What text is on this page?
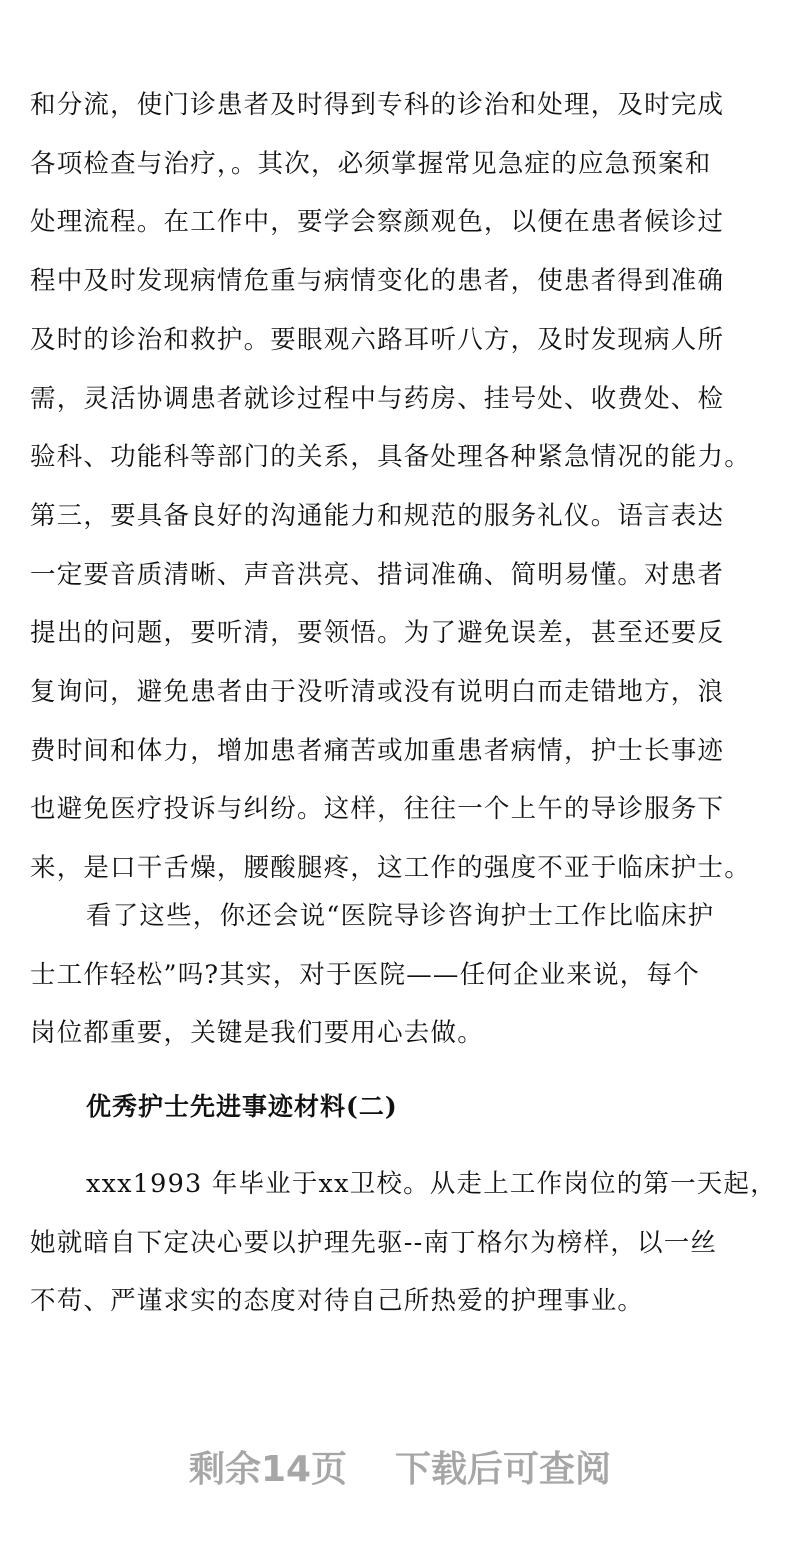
和分流，使门诊患者及时得到专科的诊治和处理，及时完成
各项检查与治疗，。其次，必须掌握常见急症的应急预案和
处理流程。在工作中，要学会察颜观色，以便在患者候诊过
程中及时发现病情危重与病情变化的患者，使患者得到准确
及时的诊治和救护。要眼观六路耳听八方，及时发现病人所
需，灵活协调患者就诊过程中与药房、挂号处、收费处、检
验科、功能科等部门的关系，具备处理各种紧急情况的能力。
第三，要具备良好的沟通能力和规范的服务礼仪。语言表达
一定要音质清晰、声音洪亮、措词准确、简明易懂。对患者
提出的问题，要听清，要领悟。为了避免误差，甚至还要反
复询问，避免患者由于没听清或没有说明白而走错地方，浪
费时间和体力，增加患者痛苦或加重患者病情，护士长事迹
也避免医疗投诉与纠纷。这样，往往一个上午的导诊服务下
来，是口干舌燥，腰酸腿疼，这工作的强度不亚于临床护士。
看了这些，你还会说“医院导诊咨询护士工作比临床护
士工作轻松”吗?其实，对于医院——任何企业来说，每个
岗位都重要，关键是我们要用心去做。
优秀护士先进事迹材料(二)
xxx1993 年毕业于xx卫校。从走上工作岗位的第一天起，
她就暗自下定决心要以护理先驱--南丁格尔为榜样，以一丝
不苟、严谨求实的态度对待自己所热爱的护理事业。
剩余14页 下载后可查阅
